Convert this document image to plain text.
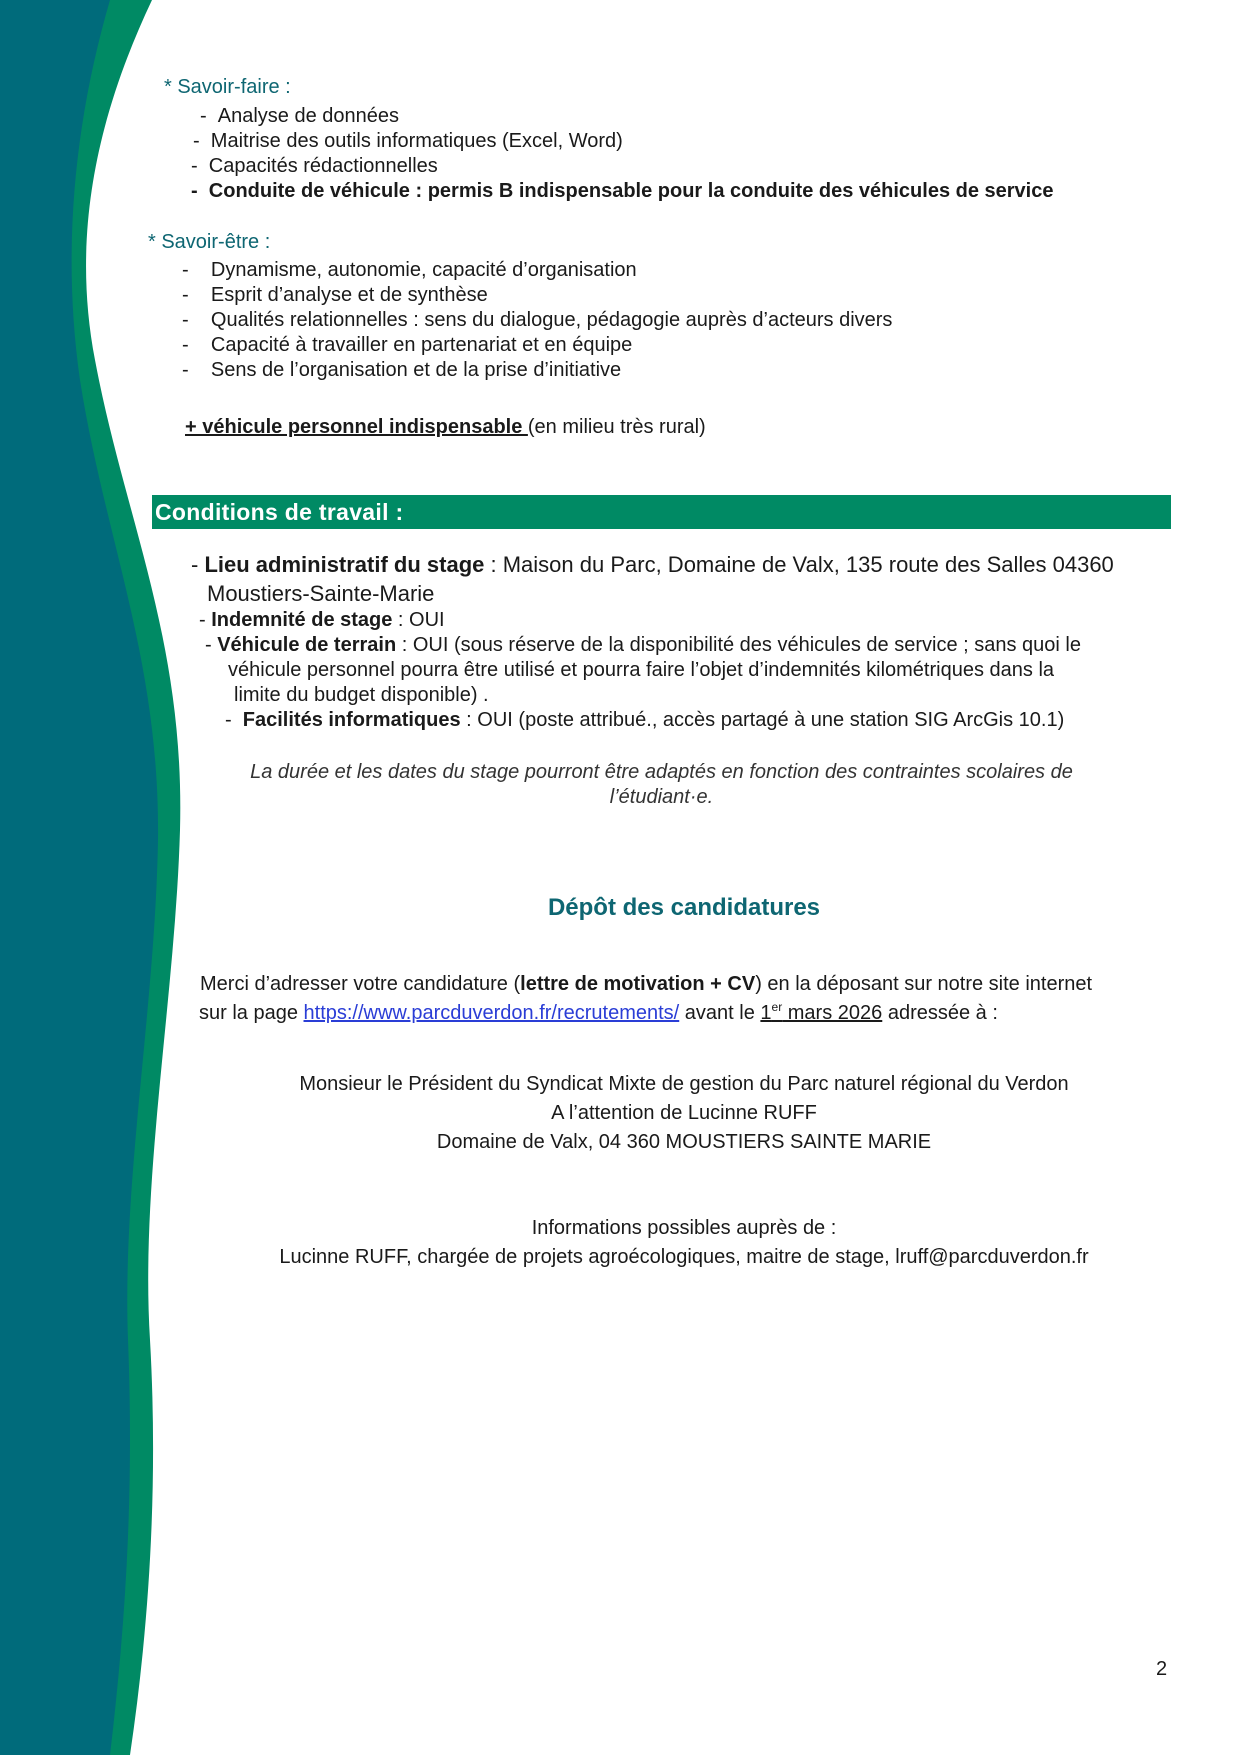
* Savoir-faire :
-  Analyse de données
-  Maitrise des outils informatiques (Excel, Word)
-  Capacités rédactionnelles
-  Conduite de véhicule : permis B indispensable pour la conduite des véhicules de service
* Savoir-être :
-    Dynamisme, autonomie, capacité d’organisation
-    Esprit d’analyse et de synthèse
-    Qualités relationnelles : sens du dialogue, pédagogie auprès d’acteurs divers
-    Capacité à travailler en partenariat et en équipe
-    Sens de l’organisation et de la prise d’initiative
+ véhicule personnel indispensable (en milieu très rural)
Conditions de travail :
- Lieu administratif du stage : Maison du Parc, Domaine de Valx, 135 route des Salles 04360
Moustiers-Sainte-Marie
- Indemnité de stage : OUI
- Véhicule de terrain : OUI (sous réserve de la disponibilité des véhicules de service ; sans quoi le
véhicule personnel pourra être utilisé et pourra faire l’objet d’indemnités kilométriques dans la
limite du budget disponible) .
-  Facilités informatiques : OUI (poste attribué., accès partagé à une station SIG ArcGis 10.1)
La durée et les dates du stage pourront être adaptés en fonction des contraintes scolaires de
l’étudiant·e.
Dépôt des candidatures
Merci d’adresser votre candidature (lettre de motivation + CV) en la déposant sur notre site internet
sur la page https://www.parcduverdon.fr/recrutements/ avant le 1er mars 2026 adressée à :
Monsieur le Président du Syndicat Mixte de gestion du Parc naturel régional du Verdon
A l’attention de Lucinne RUFF
Domaine de Valx, 04 360 MOUSTIERS SAINTE MARIE
Informations possibles auprès de :
Lucinne RUFF, chargée de projets agroécologiques, maitre de stage, lruff@parcduverdon.fr
2
